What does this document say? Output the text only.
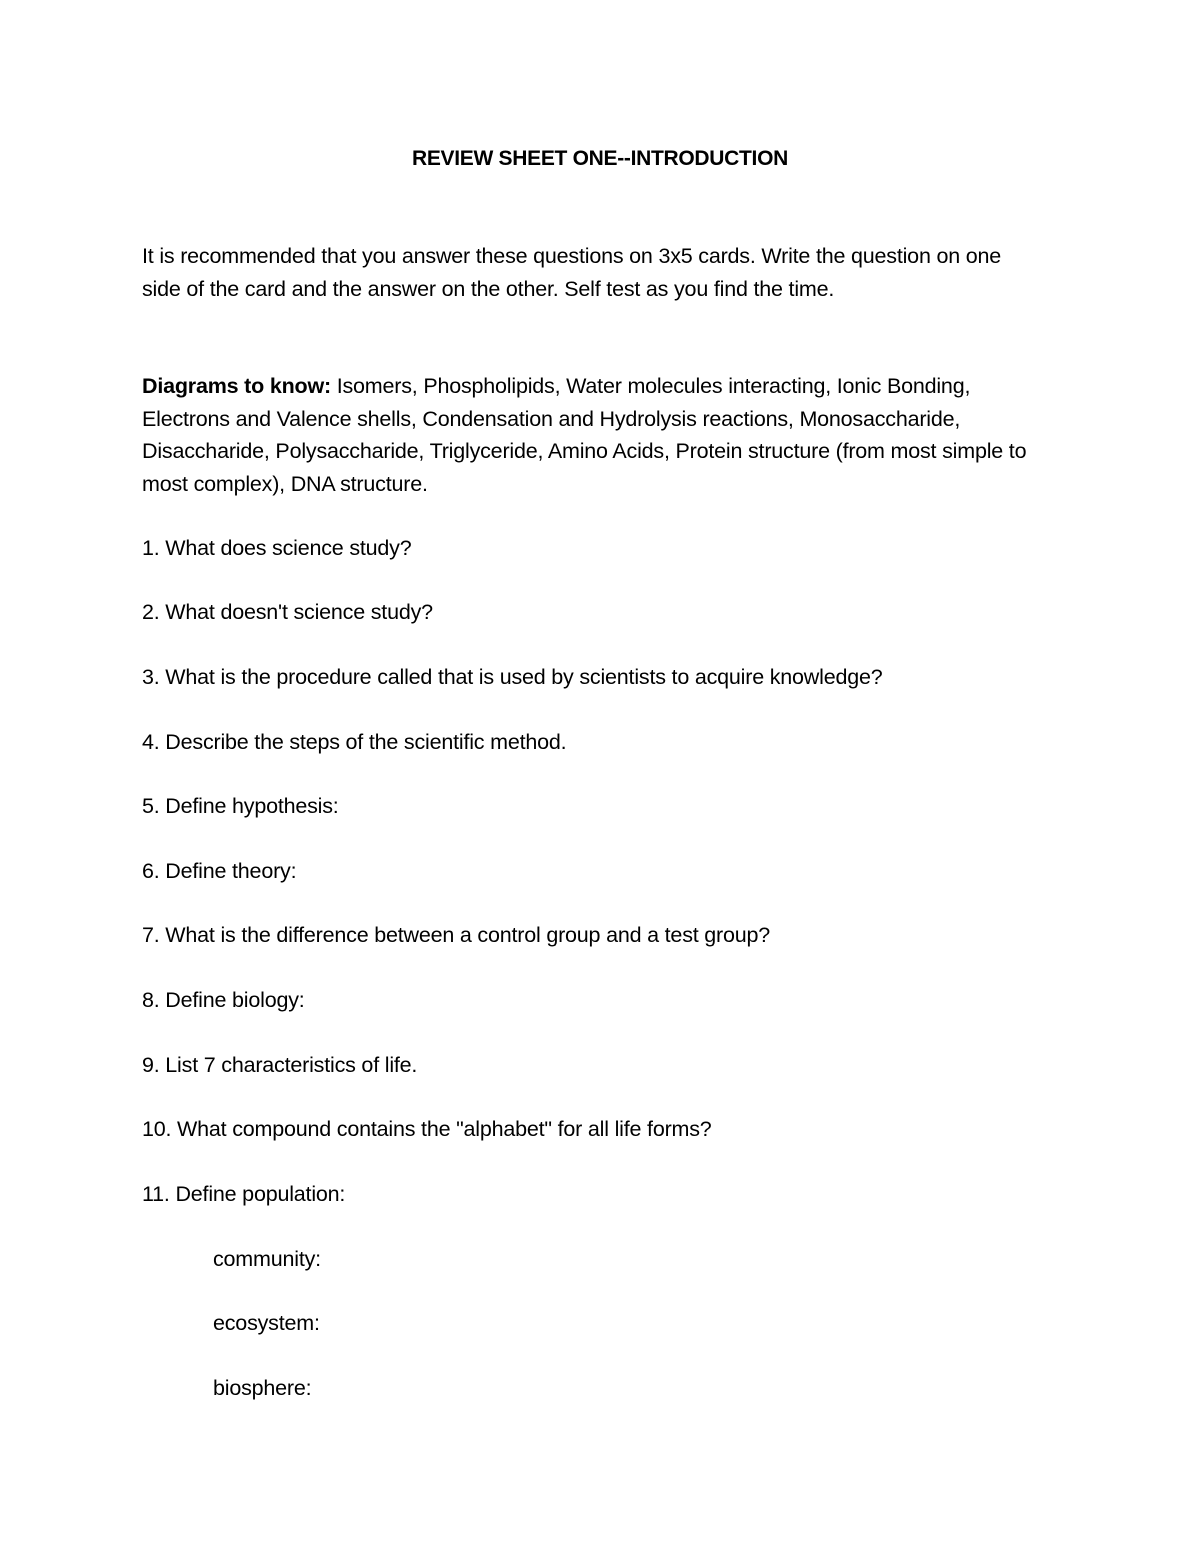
REVIEW SHEET ONE--INTRODUCTION

It is recommended that you answer these questions on 3x5 cards. Write the question on one side of the card and the answer on the other. Self test as you find the time.

Diagrams to know: Isomers, Phospholipids, Water molecules interacting, Ionic Bonding, Electrons and Valence shells, Condensation and Hydrolysis reactions, Monosaccharide, Disaccharide, Polysaccharide, Triglyceride, Amino Acids, Protein structure (from most simple to most complex), DNA structure.

1. What does science study?
2. What doesn't science study?
3. What is the procedure called that is used by scientists to acquire knowledge?
4. Describe the steps of the scientific method.
5. Define hypothesis:
6. Define theory:
7. What is the difference between a control group and a test group?
8. Define biology:
9. List 7 characteristics of life.
10. What compound contains the "alphabet" for all life forms?
11. Define population:
community:
ecosystem:
biosphere:
